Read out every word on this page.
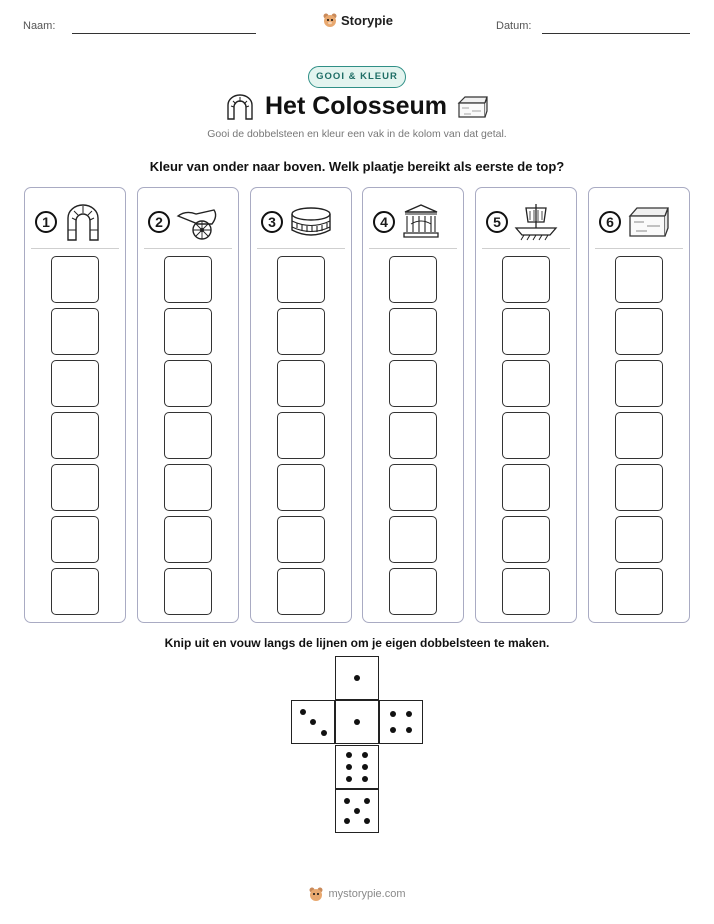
Naam:	Storypie	Datum:
GOOI & KLEUR
Het Colosseum
Gooi de dobbelsteen en kleur een vak in de kolom van dat getal.
Kleur van onder naar boven. Welk plaatje bereikt als eerste de top?
1	2	3	4	5	6
Knip uit en vouw langs de lijnen om je eigen dobbelsteen te maken.
mystorypie.com
